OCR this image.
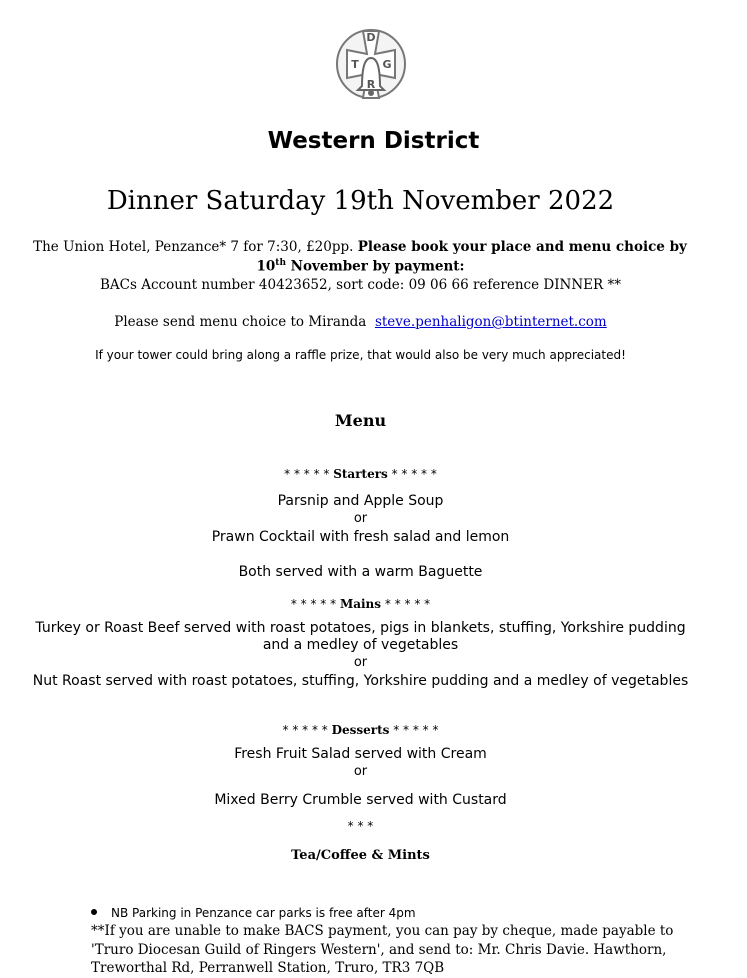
D
T G
R
Western District
Dinner Saturday 19th November 2022
The Union Hotel, Penzance* 7 for 7:30, £20pp. Please book your place and menu choice by
10th November by payment:
BACs Account number 40423652, sort code: 09 06 66 reference DINNER **
Please send menu choice to Miranda  steve.penhaligon@btinternet.com
If your tower could bring along a raffle prize, that would also be very much appreciated!
Menu
* * * * * Starters * * * * *
Parsnip and Apple Soup
or
Prawn Cocktail with fresh salad and lemon
Both served with a warm Baguette
* * * * * Mains * * * * *
Turkey or Roast Beef served with roast potatoes, pigs in blankets, stuffing, Yorkshire pudding
and a medley of vegetables
or
Nut Roast served with roast potatoes, stuffing, Yorkshire pudding and a medley of vegetables
* * * * * Desserts * * * * *
Fresh Fruit Salad served with Cream
or
Mixed Berry Crumble served with Custard
* * *
Tea/Coffee & Mints
NB Parking in Penzance car parks is free after 4pm
**If you are unable to make BACS payment, you can pay by cheque, made payable to
'Truro Diocesan Guild of Ringers Western', and send to: Mr. Chris Davie. Hawthorn,
Treworthal Rd, Perranwell Station, Truro, TR3 7QB
